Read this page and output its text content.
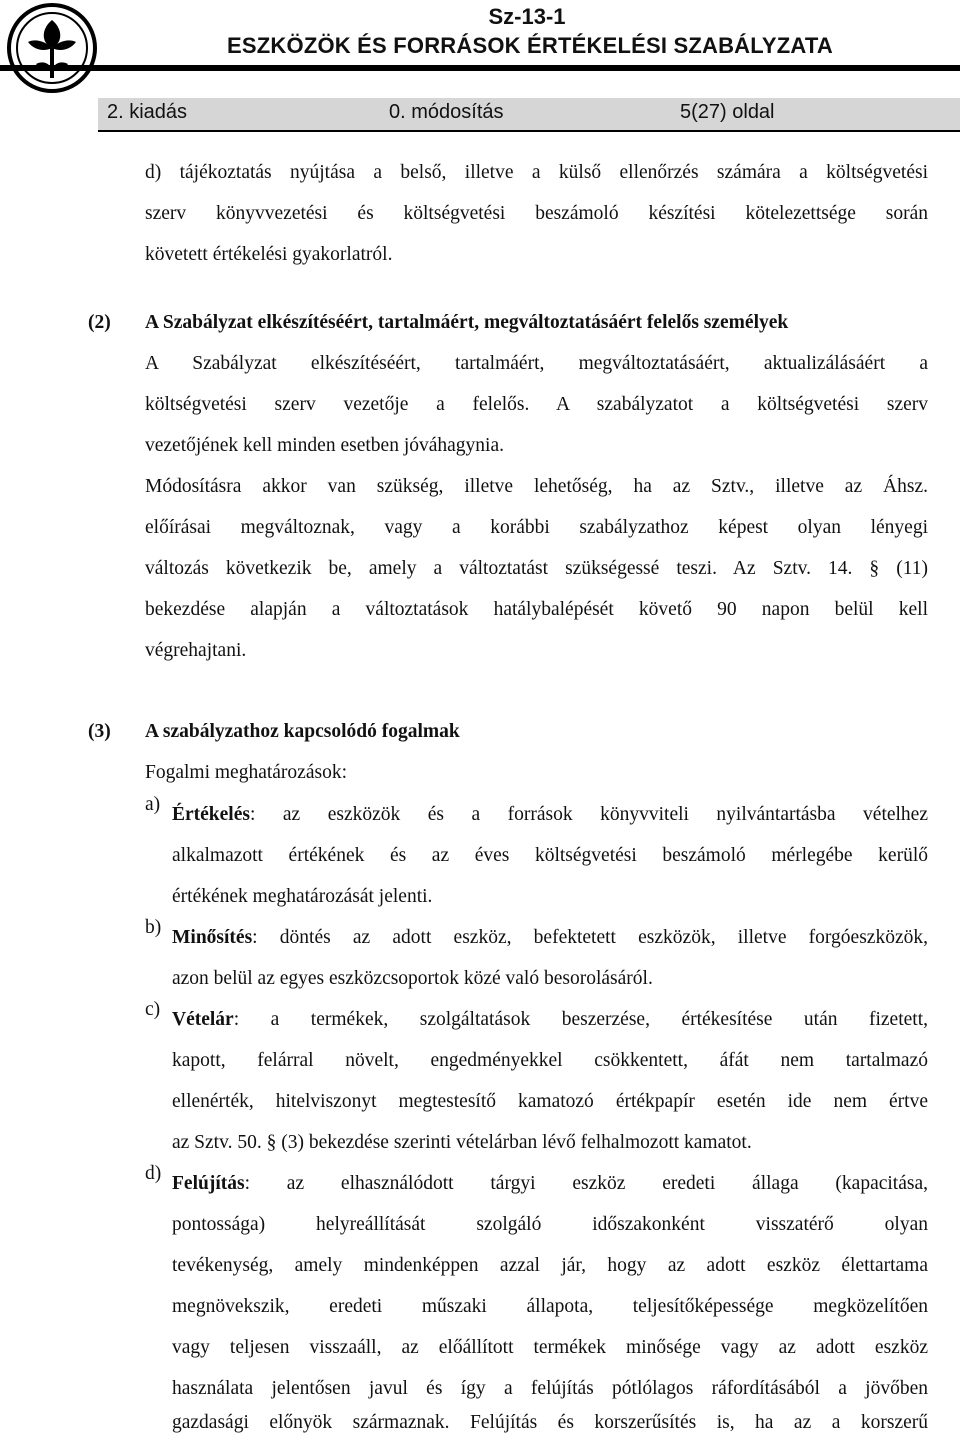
Sz-13-1
ESZKÖZÖK ÉS FORRÁSOK ÉRTÉKELÉSI SZABÁLYZATA
2. kiadás	0. módosítás	5(27) oldal
d) tájékoztatás nyújtása a belső, illetve a külső ellenőrzés számára a költségvetési
szerv könyvvezetési és költségvetési beszámoló készítési kötelezettsége során
követett értékelési gyakorlatról.
(2) A Szabályzat elkészítéséért, tartalmáért, megváltoztatásáért felelős személyek
A Szabályzat elkészítéséért, tartalmáért, megváltoztatásáért, aktualizálásáért a
költségvetési szerv vezetője a felelős. A szabályzatot a költségvetési szerv
vezetőjének kell minden esetben jóváhagynia.
Módosításra akkor van szükség, illetve lehetőség, ha az Sztv., illetve az Áhsz.
előírásai megváltoznak, vagy a korábbi szabályzathoz képest olyan lényegi
változás következik be, amely a változtatást szükségessé teszi. Az Sztv. 14. § (11)
bekezdése alapján a változtatások hatálybalépését követő 90 napon belül kell
végrehajtani.
(3) A szabályzathoz kapcsolódó fogalmak
Fogalmi meghatározások:
a) Értékelés: az eszközök és a források könyvviteli nyilvántartásba vételhez
alkalmazott értékének és az éves költségvetési beszámoló mérlegébe kerülő
értékének meghatározását jelenti.
b) Minősítés: döntés az adott eszköz, befektetett eszközök, illetve forgóeszközök,
azon belül az egyes eszközcsoportok közé való besorolásáról.
c) Vételár: a termékek, szolgáltatások beszerzése, értékesítése után fizetett,
kapott, felárral növelt, engedményekkel csökkentett, áfát nem tartalmazó
ellenérték, hitelviszonyt megtestesítő kamatozó értékpapír esetén ide nem értve
az Sztv. 50. § (3) bekezdése szerinti vételárban lévő felhalmozott kamatot.
d) Felújítás: az elhasználódott tárgyi eszköz eredeti állaga (kapacitása,
pontossága) helyreállítását szolgáló időszakonként visszatérő olyan
tevékenység, amely mindenképpen azzal jár, hogy az adott eszköz élettartama
megnövekszik, eredeti műszaki állapota, teljesítőképessége megközelítően
vagy teljesen visszaáll, az előállított termékek minősége vagy az adott eszköz
használata jelentősen javul és így a felújítás pótlólagos ráfordításából a jövőben
gazdasági előnyök származnak. Felújítás és korszerűsítés is, ha az a korszerű
